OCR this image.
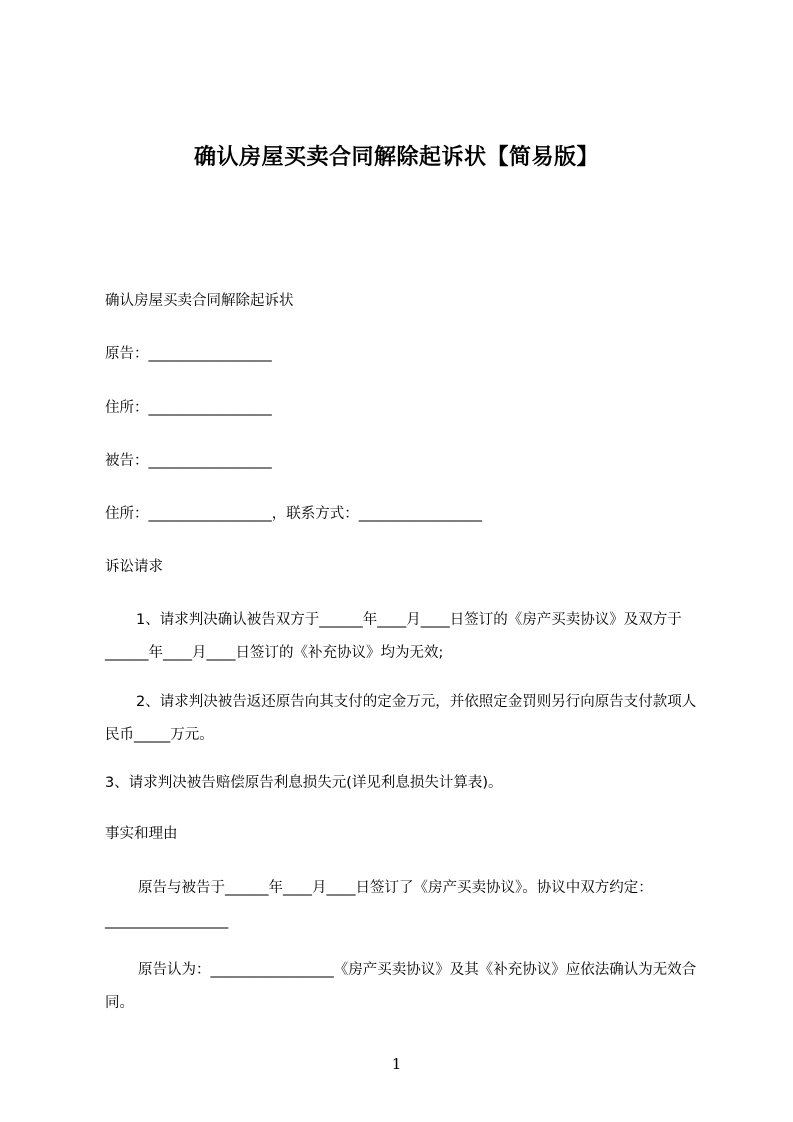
确认房屋买卖合同解除起诉状【简易版】
确认房屋买卖合同解除起诉状
原告：_________________
住所：_________________
被告：_________________
住所：_________________，联系方式：_________________
诉讼请求
1、请求判决确认被告双方于______年____月____日签订的《房产买卖协议》及双方于______年____月____日签订的《补充协议》均为无效;
2、请求判决被告返还原告向其支付的定金万元，并依照定金罚则另行向原告支付款项人民币_____万元。
3、请求判决被告赔偿原告利息损失元(详见利息损失计算表)。
事实和理由
原告与被告于______年____月____日签订了《房产买卖协议》。协议中双方约定：_________________
原告认为：_________________《房产买卖协议》及其《补充协议》应依法确认为无效合同。
1
